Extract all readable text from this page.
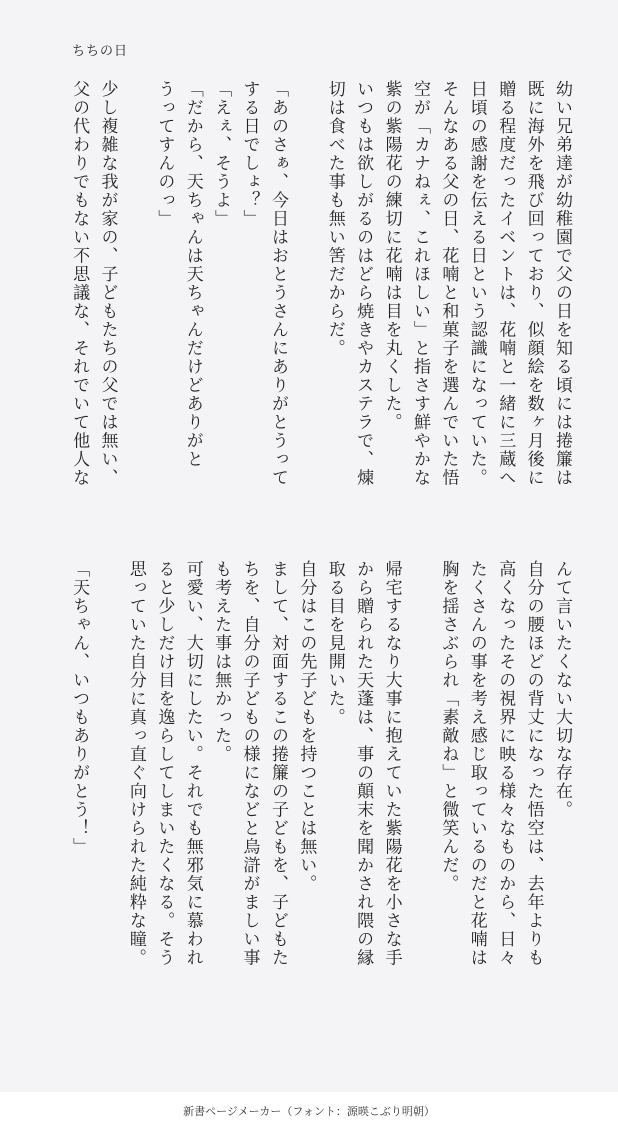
ちちの日
幼い兄弟達が幼稚園で父の日を知る頃には捲簾は
既に海外を飛び回っており、似顔絵を数ヶ月後に
贈る程度だったイベントは、花喃と一緒に三蔵へ
日頃の感謝を伝える日という認識になっていた。
そんなある父の日、花喃と和菓子を選んでいた悟
空が「カナねぇ、これほしい」と指さす鮮やかな
紫の紫陽花の練切に花喃は目を丸くした。
いつもは欲しがるのはどら焼きやカステラで、煉
切は食べた事も無い筈だからだ。

「あのさぁ、今日はおとうさんにありがとうって
する日でしょ？」
「えぇ、そうよ」
「だから、天ちゃんは天ちゃんだけどありがと
うってすんのっ」

少し複雑な我が家の、子どもたちの父では無い、
父の代わりでもない不思議な、それでいて他人な
んて言いたくない大切な存在。
自分の腰ほどの背丈になった悟空は、去年よりも
高くなったその視界に映る様々なものから、日々
たくさんの事を考え感じ取っているのだと花喃は
胸を揺さぶられ「素敵ね」と微笑んだ。

帰宅するなり大事に抱えていた紫陽花を小さな手
から贈られた天蓬は、事の顛末を聞かされ隈の縁
取る目を見開いた。
自分はこの先子どもを持つことは無い。
まして、対面するこの捲簾の子どもを、子どもた
ちを、自分の子どもの様になどと烏滸がましい事
も考えた事は無かった。
可愛い、大切にしたい。それでも無邪気に慕われ
ると少しだけ目を逸らしてしまいたくなる。そう
思っていた自分に真っ直ぐ向けられた純粋な瞳。

「天ちゃん、いつもありがとう！」
新書ページメーカー（フォント：源暎こぶり明朝）
